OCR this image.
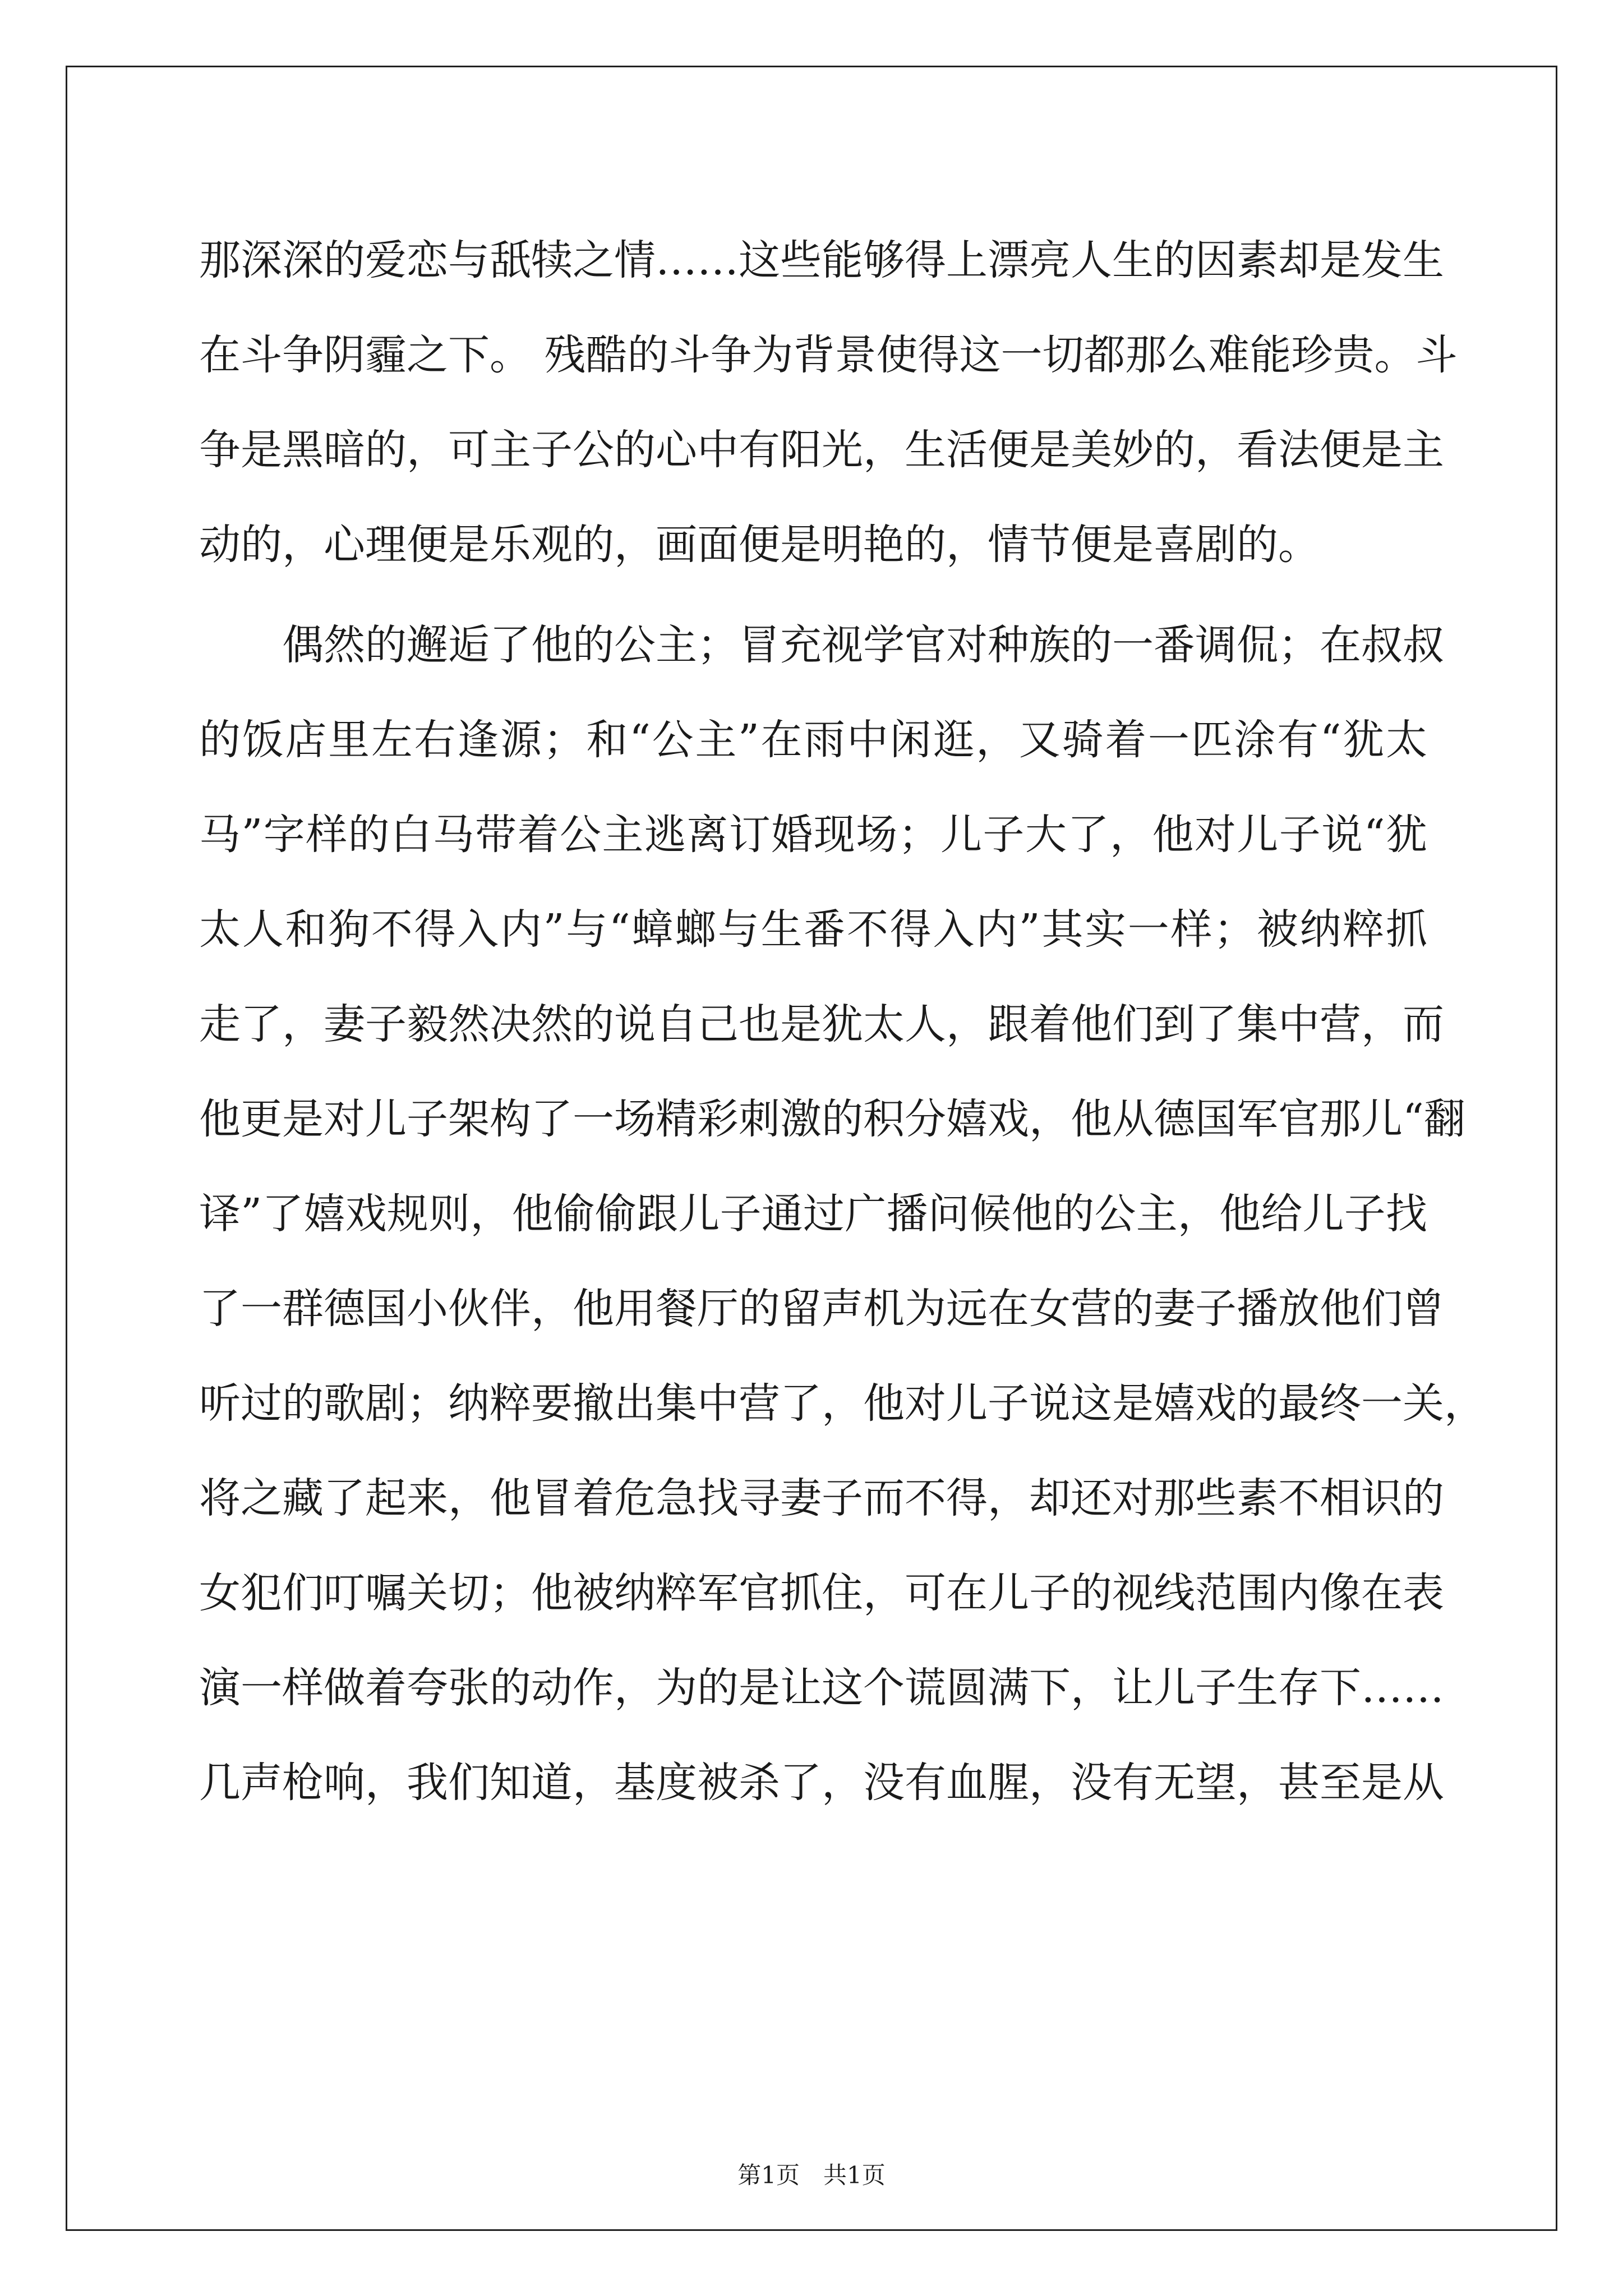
那深深的爱恋与舐犊之情……这些能够得上漂亮人生的因素却是发生
在斗争阴霾之下。 残酷的斗争为背景使得这一切都那么难能珍贵。斗
争是黑暗的，可主子公的心中有阳光，生活便是美妙的，看法便是主
动的，心理便是乐观的，画面便是明艳的，情节便是喜剧的。
　　偶然的邂逅了他的公主；冒充视学官对种族的一番调侃；在叔叔
的饭店里左右逢源；和“公主”在雨中闲逛，又骑着一匹涂有“犹太
马”字样的白马带着公主逃离订婚现场；儿子大了，他对儿子说“犹
太人和狗不得入内”与“蟑螂与生番不得入内”其实一样；被纳粹抓
走了，妻子毅然决然的说自己也是犹太人，跟着他们到了集中营，而
他更是对儿子架构了一场精彩刺激的积分嬉戏，他从德国军官那儿“翻
译”了嬉戏规则，他偷偷跟儿子通过广播问候他的公主，他给儿子找
了一群德国小伙伴，他用餐厅的留声机为远在女营的妻子播放他们曾
听过的歌剧；纳粹要撤出集中营了，他对儿子说这是嬉戏的最终一关，
将之藏了起来，他冒着危急找寻妻子而不得，却还对那些素不相识的
女犯们叮嘱关切；他被纳粹军官抓住，可在儿子的视线范围内像在表
演一样做着夸张的动作，为的是让这个谎圆满下，让儿子生存下……
几声枪响，我们知道，基度被杀了，没有血腥，没有无望，甚至是从
第1页　共1页
